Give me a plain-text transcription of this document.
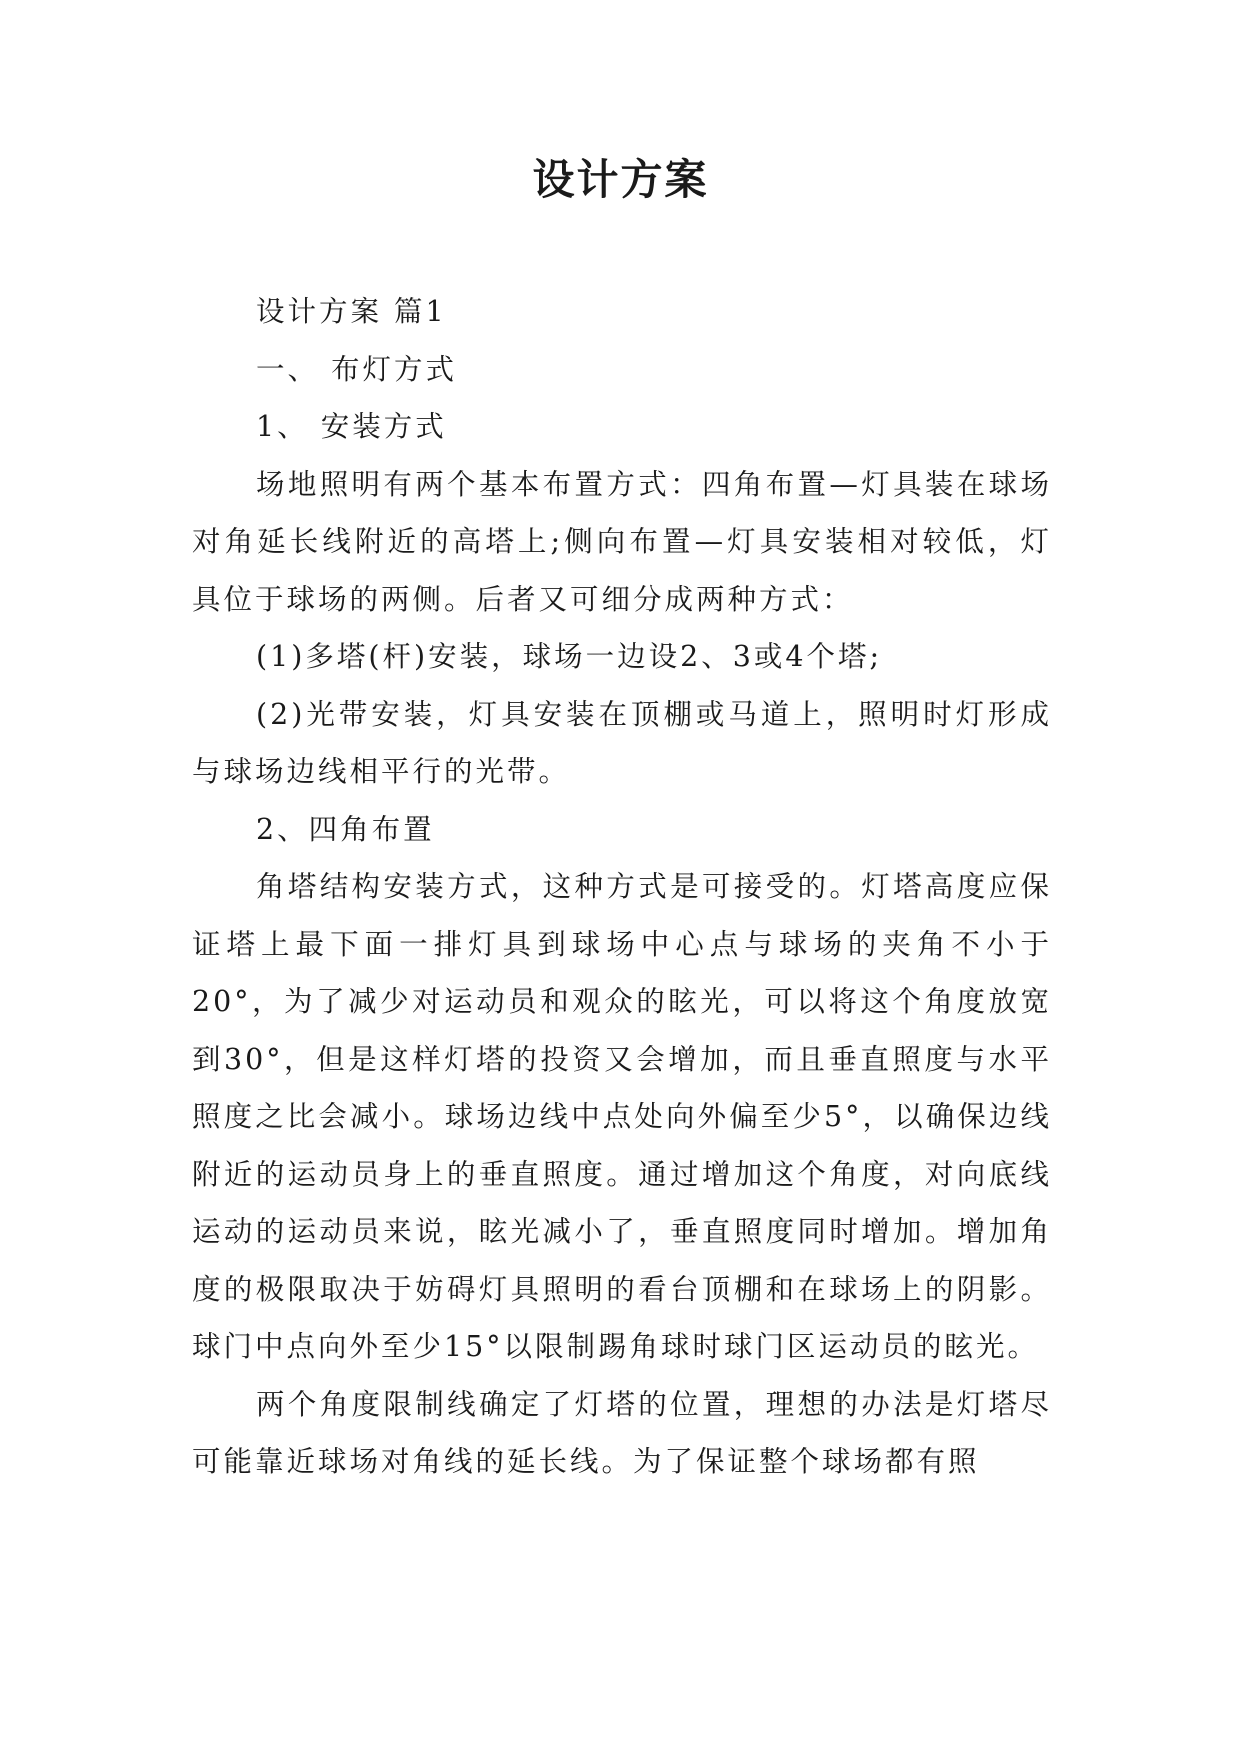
设计方案

设计方案 篇1

一、 布灯方式

1、 安装方式

场地照明有两个基本布置方式：四角布置—灯具装在球场对角延长线附近的高塔上;侧向布置—灯具安装相对较低，灯具位于球场的两侧。后者又可细分成两种方式：

(1)多塔(杆)安装，球场一边设2、3或4个塔;

(2)光带安装，灯具安装在顶棚或马道上，照明时灯形成与球场边线相平行的光带。

2、四角布置

角塔结构安装方式，这种方式是可接受的。灯塔高度应保证塔上最下面一排灯具到球场中心点与球场的夹角不小于20°，为了减少对运动员和观众的眩光，可以将这个角度放宽到30°，但是这样灯塔的投资又会增加，而且垂直照度与水平照度之比会减小。球场边线中点处向外偏至少5°，以确保边线附近的运动员身上的垂直照度。通过增加这个角度，对向底线运动的运动员来说，眩光减小了，垂直照度同时增加。增加角度的极限取决于妨碍灯具照明的看台顶棚和在球场上的阴影。球门中点向外至少15°以限制踢角球时球门区运动员的眩光。

两个角度限制线确定了灯塔的位置，理想的办法是灯塔尽可能靠近球场对角线的延长线。为了保证整个球场都有照
